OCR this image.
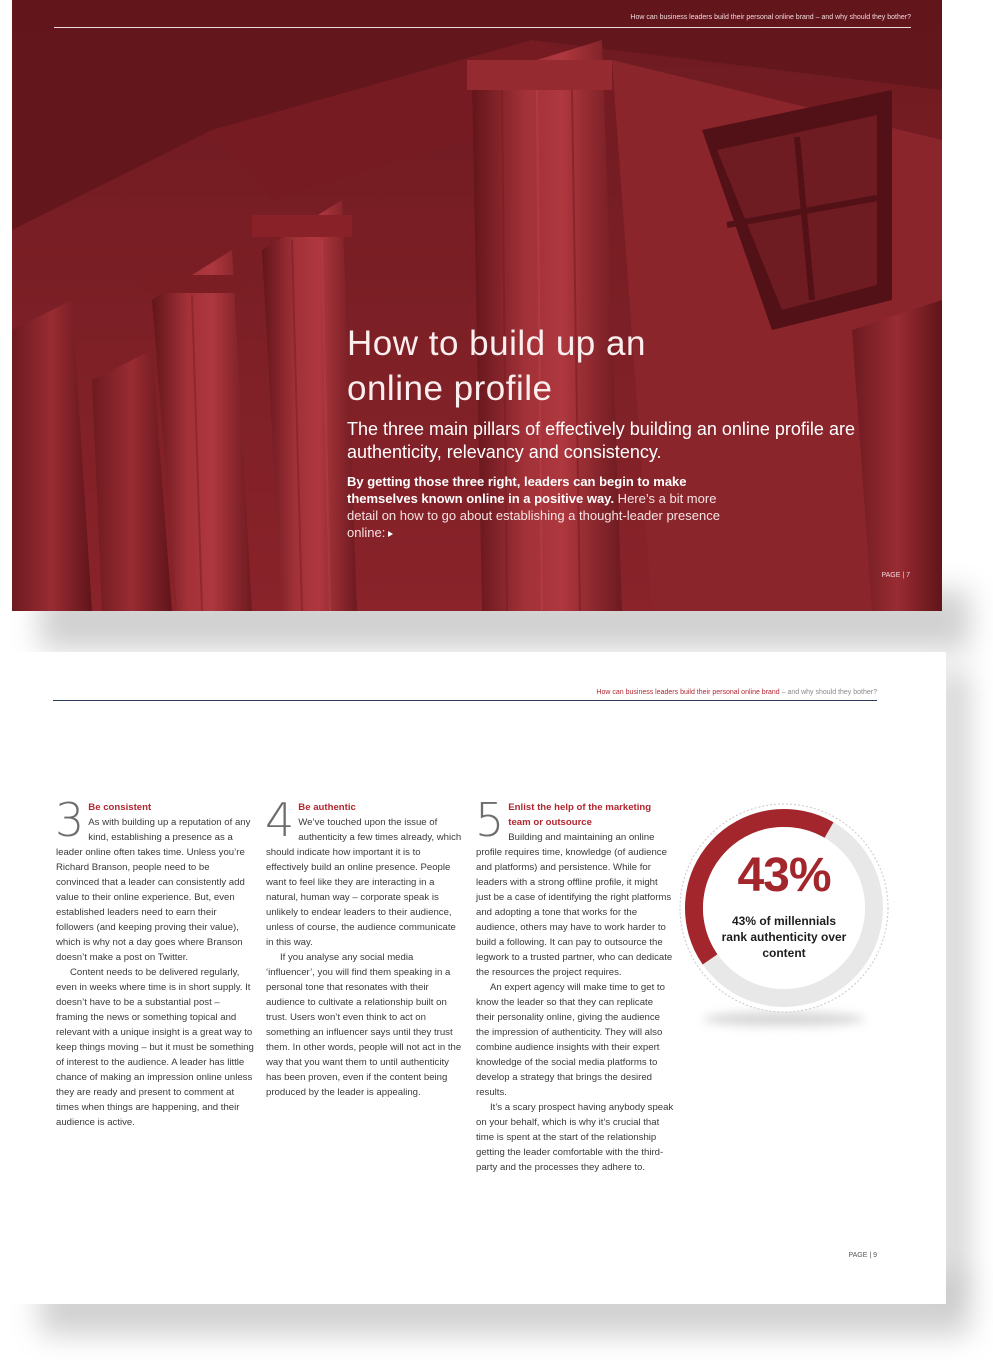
How can business leaders build their personal online brand – and why should they bother?
How to build up an
online profile

The three main pillars of effectively building an online profile are authenticity, relevancy and consistency.

By getting those three right, leaders can begin to make themselves known online in a positive way. Here’s a bit more detail on how to go about establishing a thought-leader presence online:

PAGE | 7
How can business leaders build their personal online brand – and why should they bother?
3 Be consistent

As with building up a reputation of any kind, establishing a presence as a leader online often takes time. Unless you’re Richard Branson, people need to be convinced that a leader can consistently add value to their online experience. But, even established leaders need to earn their followers (and keeping proving their value), which is why not a day goes where Branson doesn’t make a post on Twitter.

Content needs to be delivered regularly, even in weeks where time is in short supply. It doesn’t have to be a substantial post – framing the news or something topical and relevant with a unique insight is a great way to keep things moving – but it must be something of interest to the audience. A leader has little chance of making an impression online unless they are ready and present to comment at times when things are happening, and their audience is active.

4 Be authentic

We’ve touched upon the issue of authenticity a few times already, which should indicate how important it is to effectively build an online presence. People want to feel like they are interacting in a natural, human way – corporate speak is unlikely to endear leaders to their audience, unless of course, the audience communicate in this way.

If you analyse any social media ‘influencer’, you will find them speaking in a personal tone that resonates with their audience to cultivate a relationship built on trust. Users won’t even think to act on something an influencer says until they trust them. In other words, people will not act in the way that you want them to until authenticity has been proven, even if the content being produced by the leader is appealing.

5 Enlist the help of the marketing team or outsource

Building and maintaining an online profile requires time, knowledge (of audience and platforms) and persistence. While for leaders with a strong offline profile, it might just be a case of identifying the right platforms and adopting a tone that works for the audience, others may have to work harder to build a following. It can pay to outsource the legwork to a trusted partner, who can dedicate the resources the project requires.

An expert agency will make time to get to know the leader so that they can replicate their personality online, giving the audience the impression of authenticity. They will also combine audience insights with their expert knowledge of the social media platforms to develop a strategy that brings the desired results.

It’s a scary prospect having anybody speak on your behalf, which is why it’s crucial that time is spent at the start of the relationship getting the leader comfortable with the third-party and the processes they adhere to.

43%
43% of millennials rank authenticity over content
PAGE | 9
